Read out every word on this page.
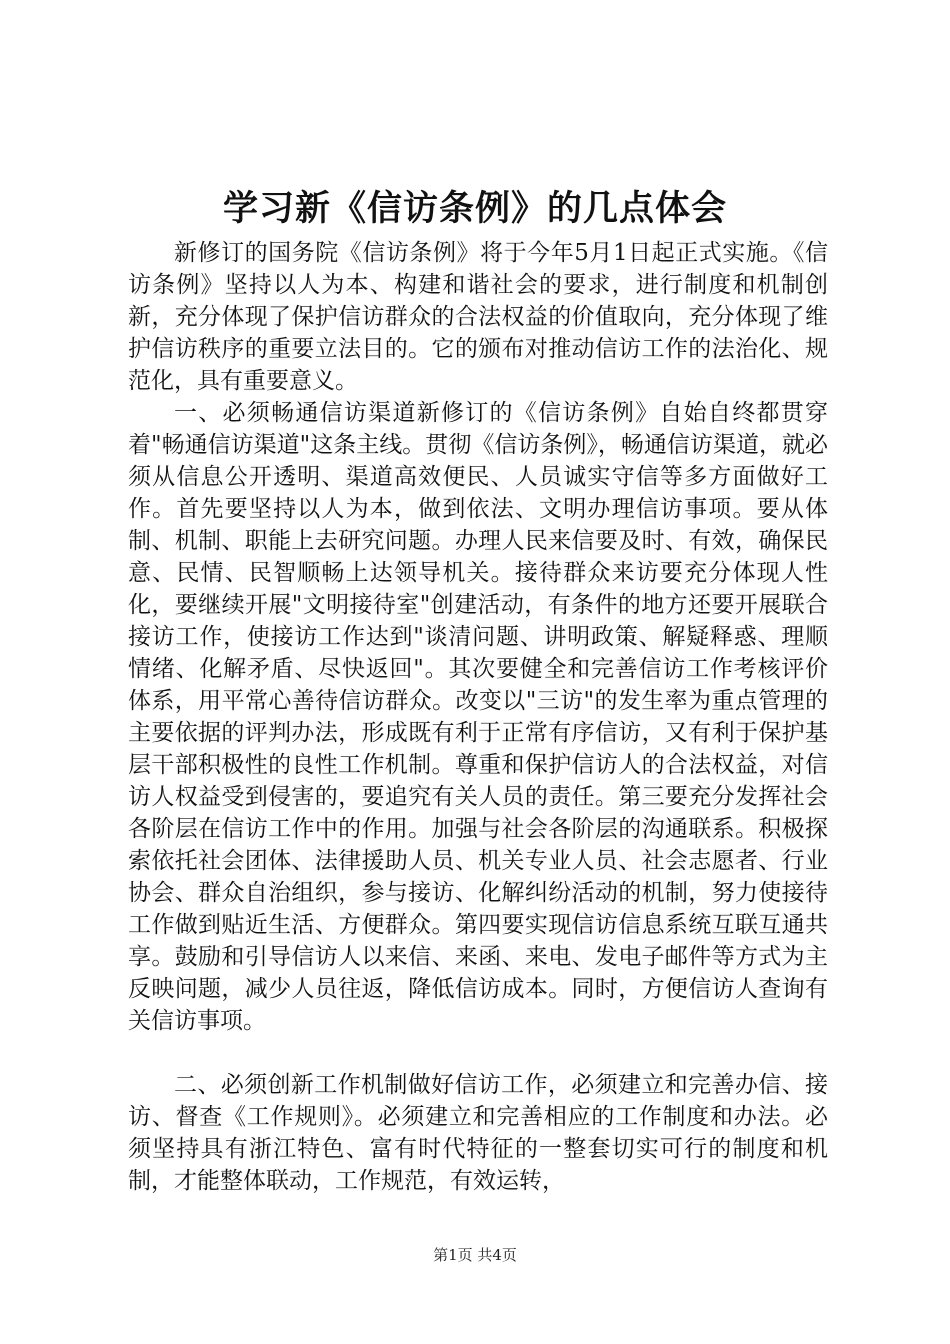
学习新《信访条例》的几点体会

新修订的国务院《信访条例》将于今年5月1日起正式实施。《信访条例》坚持以人为本、构建和谐社会的要求，进行制度和机制创新，充分体现了保护信访群众的合法权益的价值取向，充分体现了维护信访秩序的重要立法目的。它的颁布对推动信访工作的法治化、规范化，具有重要意义。

一、必须畅通信访渠道新修订的《信访条例》自始自终都贯穿着"畅通信访渠道"这条主线。贯彻《信访条例》，畅通信访渠道，就必须从信息公开透明、渠道高效便民、人员诚实守信等多方面做好工作。首先要坚持以人为本，做到依法、文明办理信访事项。要从体制、机制、职能上去研究问题。办理人民来信要及时、有效，确保民意、民情、民智顺畅上达领导机关。接待群众来访要充分体现人性化，要继续开展"文明接待室"创建活动，有条件的地方还要开展联合接访工作，使接访工作达到"谈清问题、讲明政策、解疑释惑、理顺情绪、化解矛盾、尽快返回"。其次要健全和完善信访工作考核评价体系，用平常心善待信访群众。改变以"三访"的发生率为重点管理的主要依据的评判办法，形成既有利于正常有序信访，又有利于保护基层干部积极性的良性工作机制。尊重和保护信访人的合法权益，对信访人权益受到侵害的，要追究有关人员的责任。第三要充分发挥社会各阶层在信访工作中的作用。加强与社会各阶层的沟通联系。积极探索依托社会团体、法律援助人员、机关专业人员、社会志愿者、行业协会、群众自治组织，参与接访、化解纠纷活动的机制，努力使接待工作做到贴近生活、方便群众。第四要实现信访信息系统互联互通共享。鼓励和引导信访人以来信、来函、来电、发电子邮件等方式为主反映问题，减少人员往返，降低信访成本。同时，方便信访人查询有关信访事项。

二、必须创新工作机制做好信访工作，必须建立和完善办信、接访、督查《工作规则》。必须建立和完善相应的工作制度和办法。必须坚持具有浙江特色、富有时代特征的一整套切实可行的制度和机制，才能整体联动，工作规范，有效运转，

第1页 共4页
